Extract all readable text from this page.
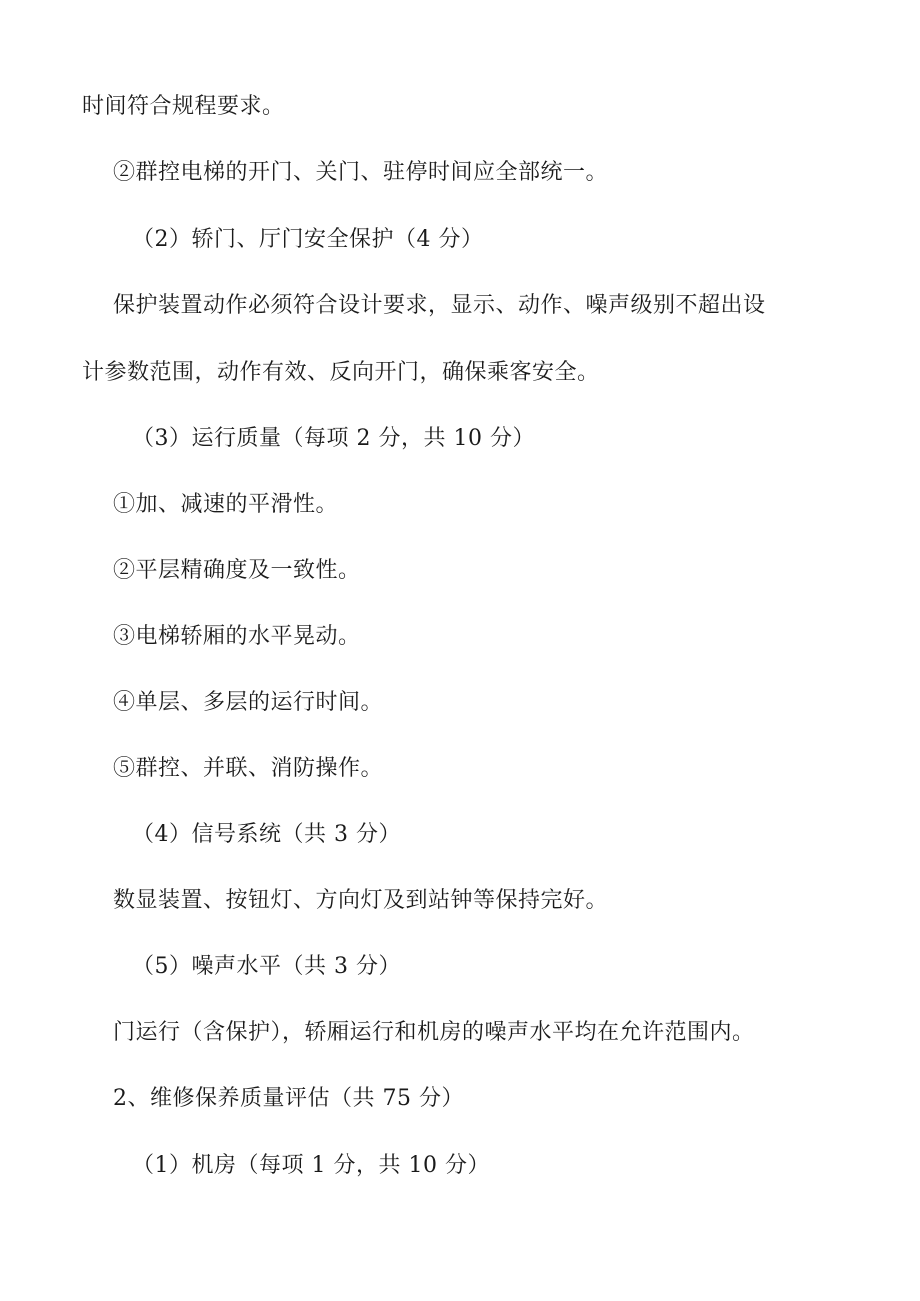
时间符合规程要求。
②群控电梯的开门、关门、驻停时间应全部统一。
（2）轿门、厅门安全保护（4 分）
保护装置动作必须符合设计要求，显示、动作、噪声级别不超出设
计参数范围，动作有效、反向开门，确保乘客安全。
（3）运行质量（每项 2 分，共 10 分）
①加、减速的平滑性。
②平层精确度及一致性。
③电梯轿厢的水平晃动。
④单层、多层的运行时间。
⑤群控、并联、消防操作。
（4）信号系统（共 3 分）
数显装置、按钮灯、方向灯及到站钟等保持完好。
（5）噪声水平（共 3 分）
门运行（含保护），轿厢运行和机房的噪声水平均在允许范围内。
2、维修保养质量评估（共 75 分）
（1）机房（每项 1 分，共 10 分）
